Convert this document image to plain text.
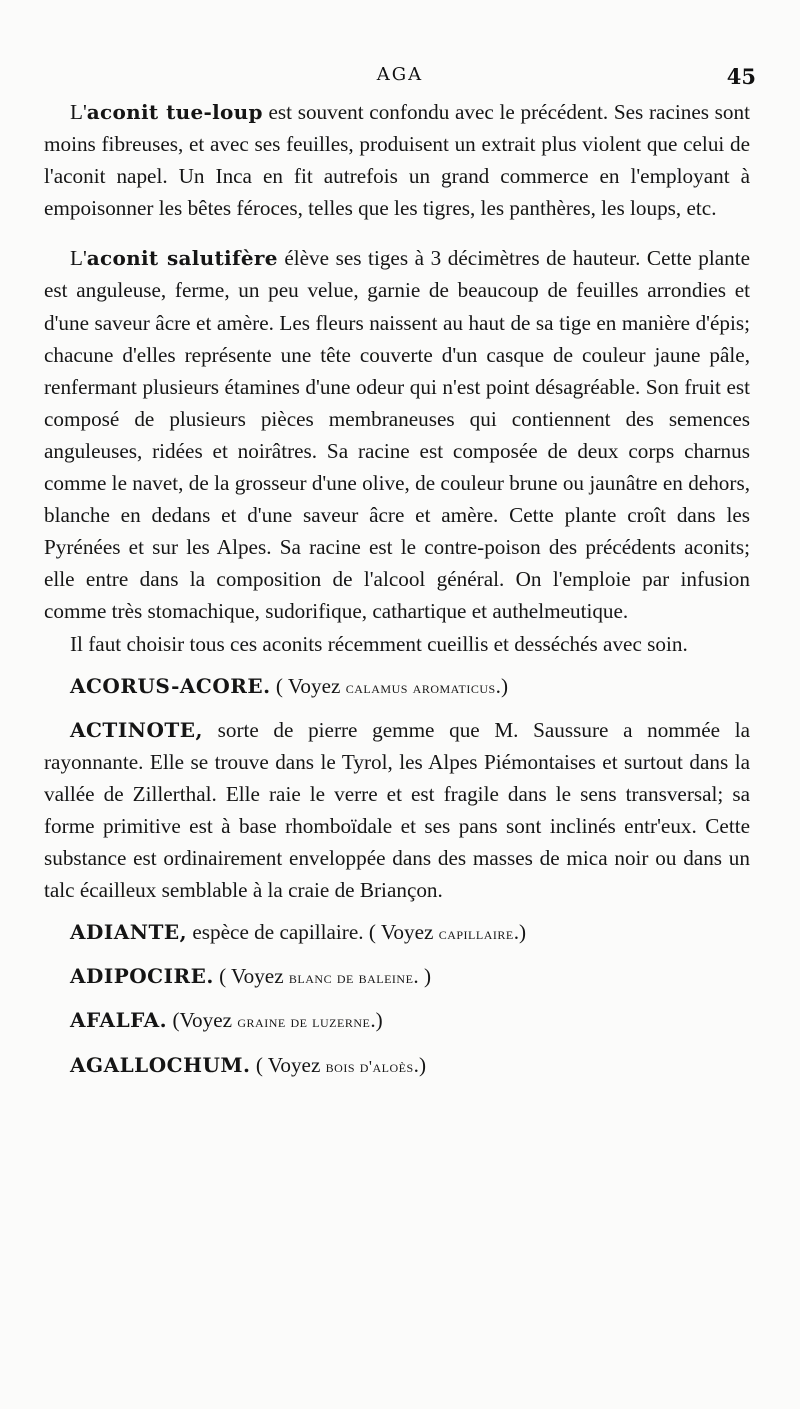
AGA	45

L'aconit tue-loup est souvent confondu avec le précédent. Ses racines sont moins fibreuses, et avec ses feuilles, produisent un extrait plus violent que celui de l'aconit napel. Un Inca en fit autrefois un grand commerce en l'employant à empoisonner les bêtes féroces, telles que les tigres, les panthères, les loups, etc.

L'aconit salutifère élève ses tiges à 3 décimètres de hauteur. Cette plante est anguleuse, ferme, un peu velue, garnie de beaucoup de feuilles arrondies et d'une saveur âcre et amère. Les fleurs naissent au haut de sa tige en manière d'épis; chacune d'elles représente une tête couverte d'un casque de couleur jaune pâle, renfermant plusieurs étamines d'une odeur qui n'est point désagréable. Son fruit est composé de plusieurs pièces membraneuses qui contiennent des semences anguleuses, ridées et noirâtres. Sa racine est composée de deux corps charnus comme le navet, de la grosseur d'une olive, de couleur brune ou jaunâtre en dehors, blanche en dedans et d'une saveur âcre et amère. Cette plante croît dans les Pyrénées et sur les Alpes. Sa racine est le contre-poison des précédents aconits; elle entre dans la composition de l'alcool général. On l'emploie par infusion comme très stomachique, sudorifique, cathartique et authelmeutique.

Il faut choisir tous ces aconits récemment cueillis et desséchés avec soin.

ACORUS-ACORE. ( Voyez calamus aromaticus.)

ACTINOTE, sorte de pierre gemme que M. Saussure a nommée la rayonnante. Elle se trouve dans le Tyrol, les Alpes Piémontaises et surtout dans la vallée de Zillerthal. Elle raie le verre et est fragile dans le sens transversal; sa forme primitive est à base rhomboïdale et ses pans sont inclinés entr'eux. Cette substance est ordinairement enveloppée dans des masses de mica noir ou dans un talc écailleux semblable à la craie de Briançon.

ADIANTE, espèce de capillaire. ( Voyez capillaire.)

ADIPOCIRE. ( Voyez blanc de baleine. )

AFALFA. (Voyez graine de luzerne.)

AGALLOCHUM. ( Voyez bois d'aloès.)
